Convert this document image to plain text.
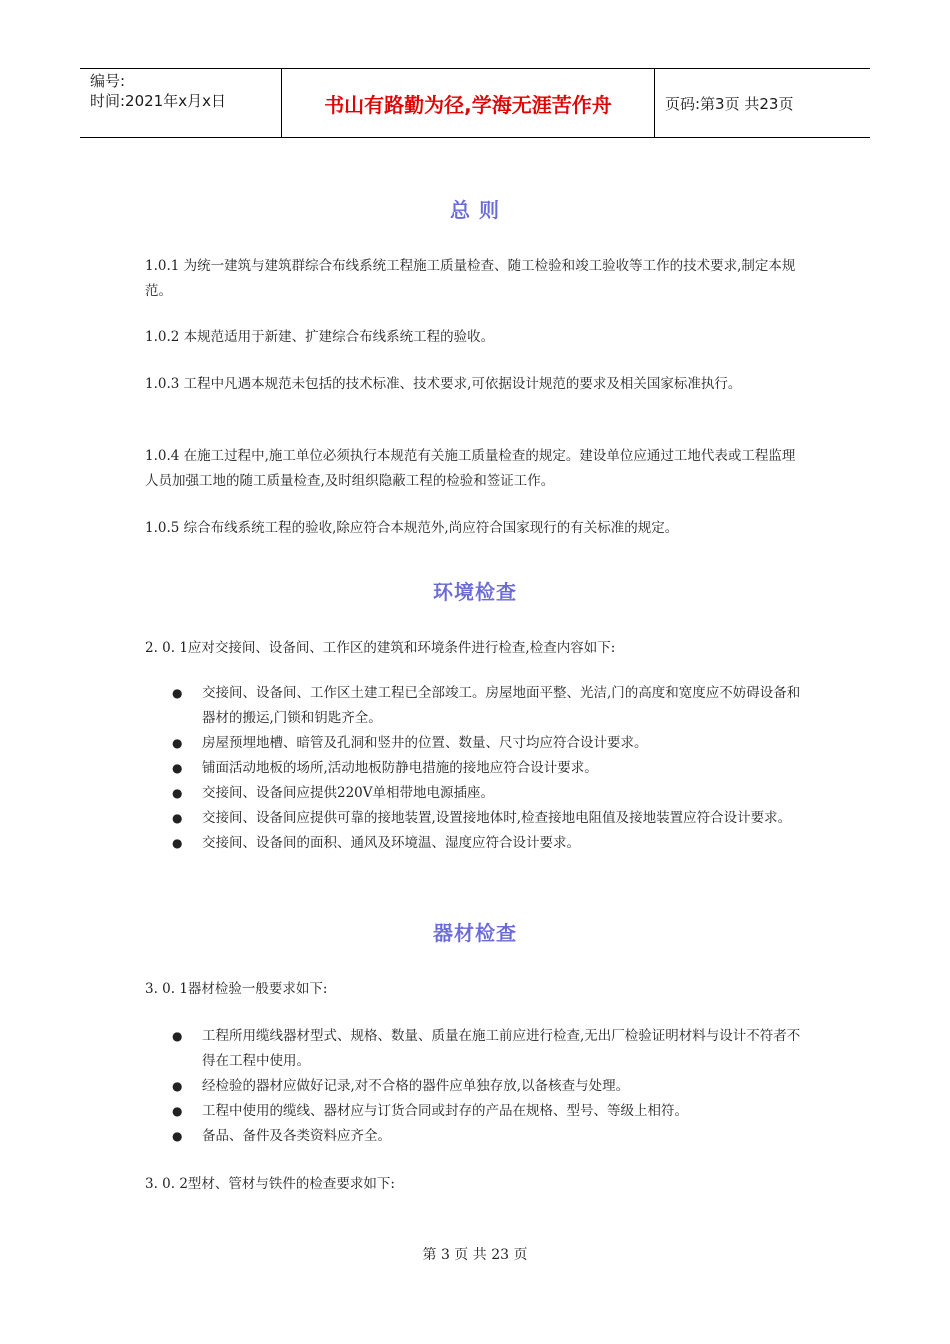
编号:
时间:2021年x月x日	书山有路勤为径,学海无涯苦作舟	页码:第3页 共23页
总 则
1.0.1 为统一建筑与建筑群综合布线系统工程施工质量检查、随工检验和竣工验收等工作的技术要求,制定本规范。
1.0.2 本规范适用于新建、扩建综合布线系统工程的验收。
1.0.3 工程中凡遇本规范未包括的技术标准、技术要求,可依据设计规范的要求及相关国家标准执行。
1.0.4 在施工过程中,施工单位必须执行本规范有关施工质量检查的规定。建设单位应通过工地代表或工程监理人员加强工地的随工质量检查,及时组织隐蔽工程的检验和签证工作。
1.0.5 综合布线系统工程的验收,除应符合本规范外,尚应符合国家现行的有关标准的规定。
环境检查
2. 0. 1应对交接间、设备间、工作区的建筑和环境条件进行检查,检查内容如下:
● 交接间、设备间、工作区土建工程已全部竣工。房屋地面平整、光洁,门的高度和宽度应不妨碍设备和器材的搬运,门锁和钥匙齐全。
● 房屋预埋地槽、暗管及孔洞和竖井的位置、数量、尺寸均应符合设计要求。
● 铺面活动地板的场所,活动地板防静电措施的接地应符合设计要求。
● 交接间、设备间应提供220V单相带地电源插座。
● 交接间、设备间应提供可靠的接地装置,设置接地体时,检查接地电阻值及接地装置应符合设计要求。
● 交接间、设备间的面积、通风及环境温、湿度应符合设计要求。
器材检查
3. 0. 1器材检验一般要求如下:
● 工程所用缆线器材型式、规格、数量、质量在施工前应进行检查,无出厂检验证明材料与设计不符者不得在工程中使用。
● 经检验的器材应做好记录,对不合格的器件应单独存放,以备核查与处理。
● 工程中使用的缆线、器材应与订货合同或封存的产品在规格、型号、等级上相符。
● 备品、备件及各类资料应齐全。
3. 0. 2型材、管材与铁件的检查要求如下:
第 3 页 共 23 页
